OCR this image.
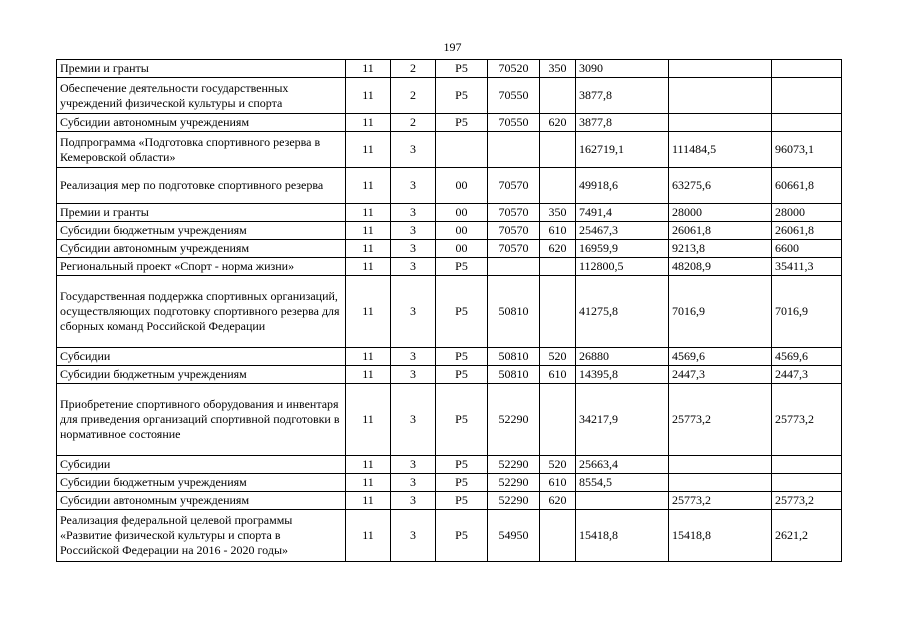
197
Премии и гранты	11	2	P5	70520	350	3090		
Обеспечение деятельности государственных учреждений физической культуры и спорта	11	2	P5	70550		3877,8		
Субсидии автономным учреждениям	11	2	P5	70550	620	3877,8		
Подпрограмма «Подготовка спортивного резерва в Кемеровской области»	11	3				162719,1	111484,5	96073,1
Реализация мер по подготовке спортивного резерва	11	3	00	70570		49918,6	63275,6	60661,8
Премии и гранты	11	3	00	70570	350	7491,4	28000	28000
Субсидии бюджетным учреждениям	11	3	00	70570	610	25467,3	26061,8	26061,8
Субсидии автономным учреждениям	11	3	00	70570	620	16959,9	9213,8	6600
Региональный проект «Спорт - норма жизни»	11	3	P5			112800,5	48208,9	35411,3
Государственная поддержка спортивных организаций, осуществляющих подготовку спортивного резерва для сборных команд Российской Федерации	11	3	P5	50810		41275,8	7016,9	7016,9
Субсидии	11	3	P5	50810	520	26880	4569,6	4569,6
Субсидии бюджетным учреждениям	11	3	P5	50810	610	14395,8	2447,3	2447,3
Приобретение спортивного оборудования и инвентаря для приведения организаций спортивной подготовки в нормативное состояние	11	3	P5	52290		34217,9	25773,2	25773,2
Субсидии	11	3	P5	52290	520	25663,4		
Субсидии бюджетным учреждениям	11	3	P5	52290	610	8554,5		
Субсидии автономным учреждениям	11	3	P5	52290	620		25773,2	25773,2
Реализация федеральной целевой программы «Развитие физической культуры и спорта в Российской Федерации на 2016 - 2020 годы»	11	3	P5	54950		15418,8	15418,8	2621,2
